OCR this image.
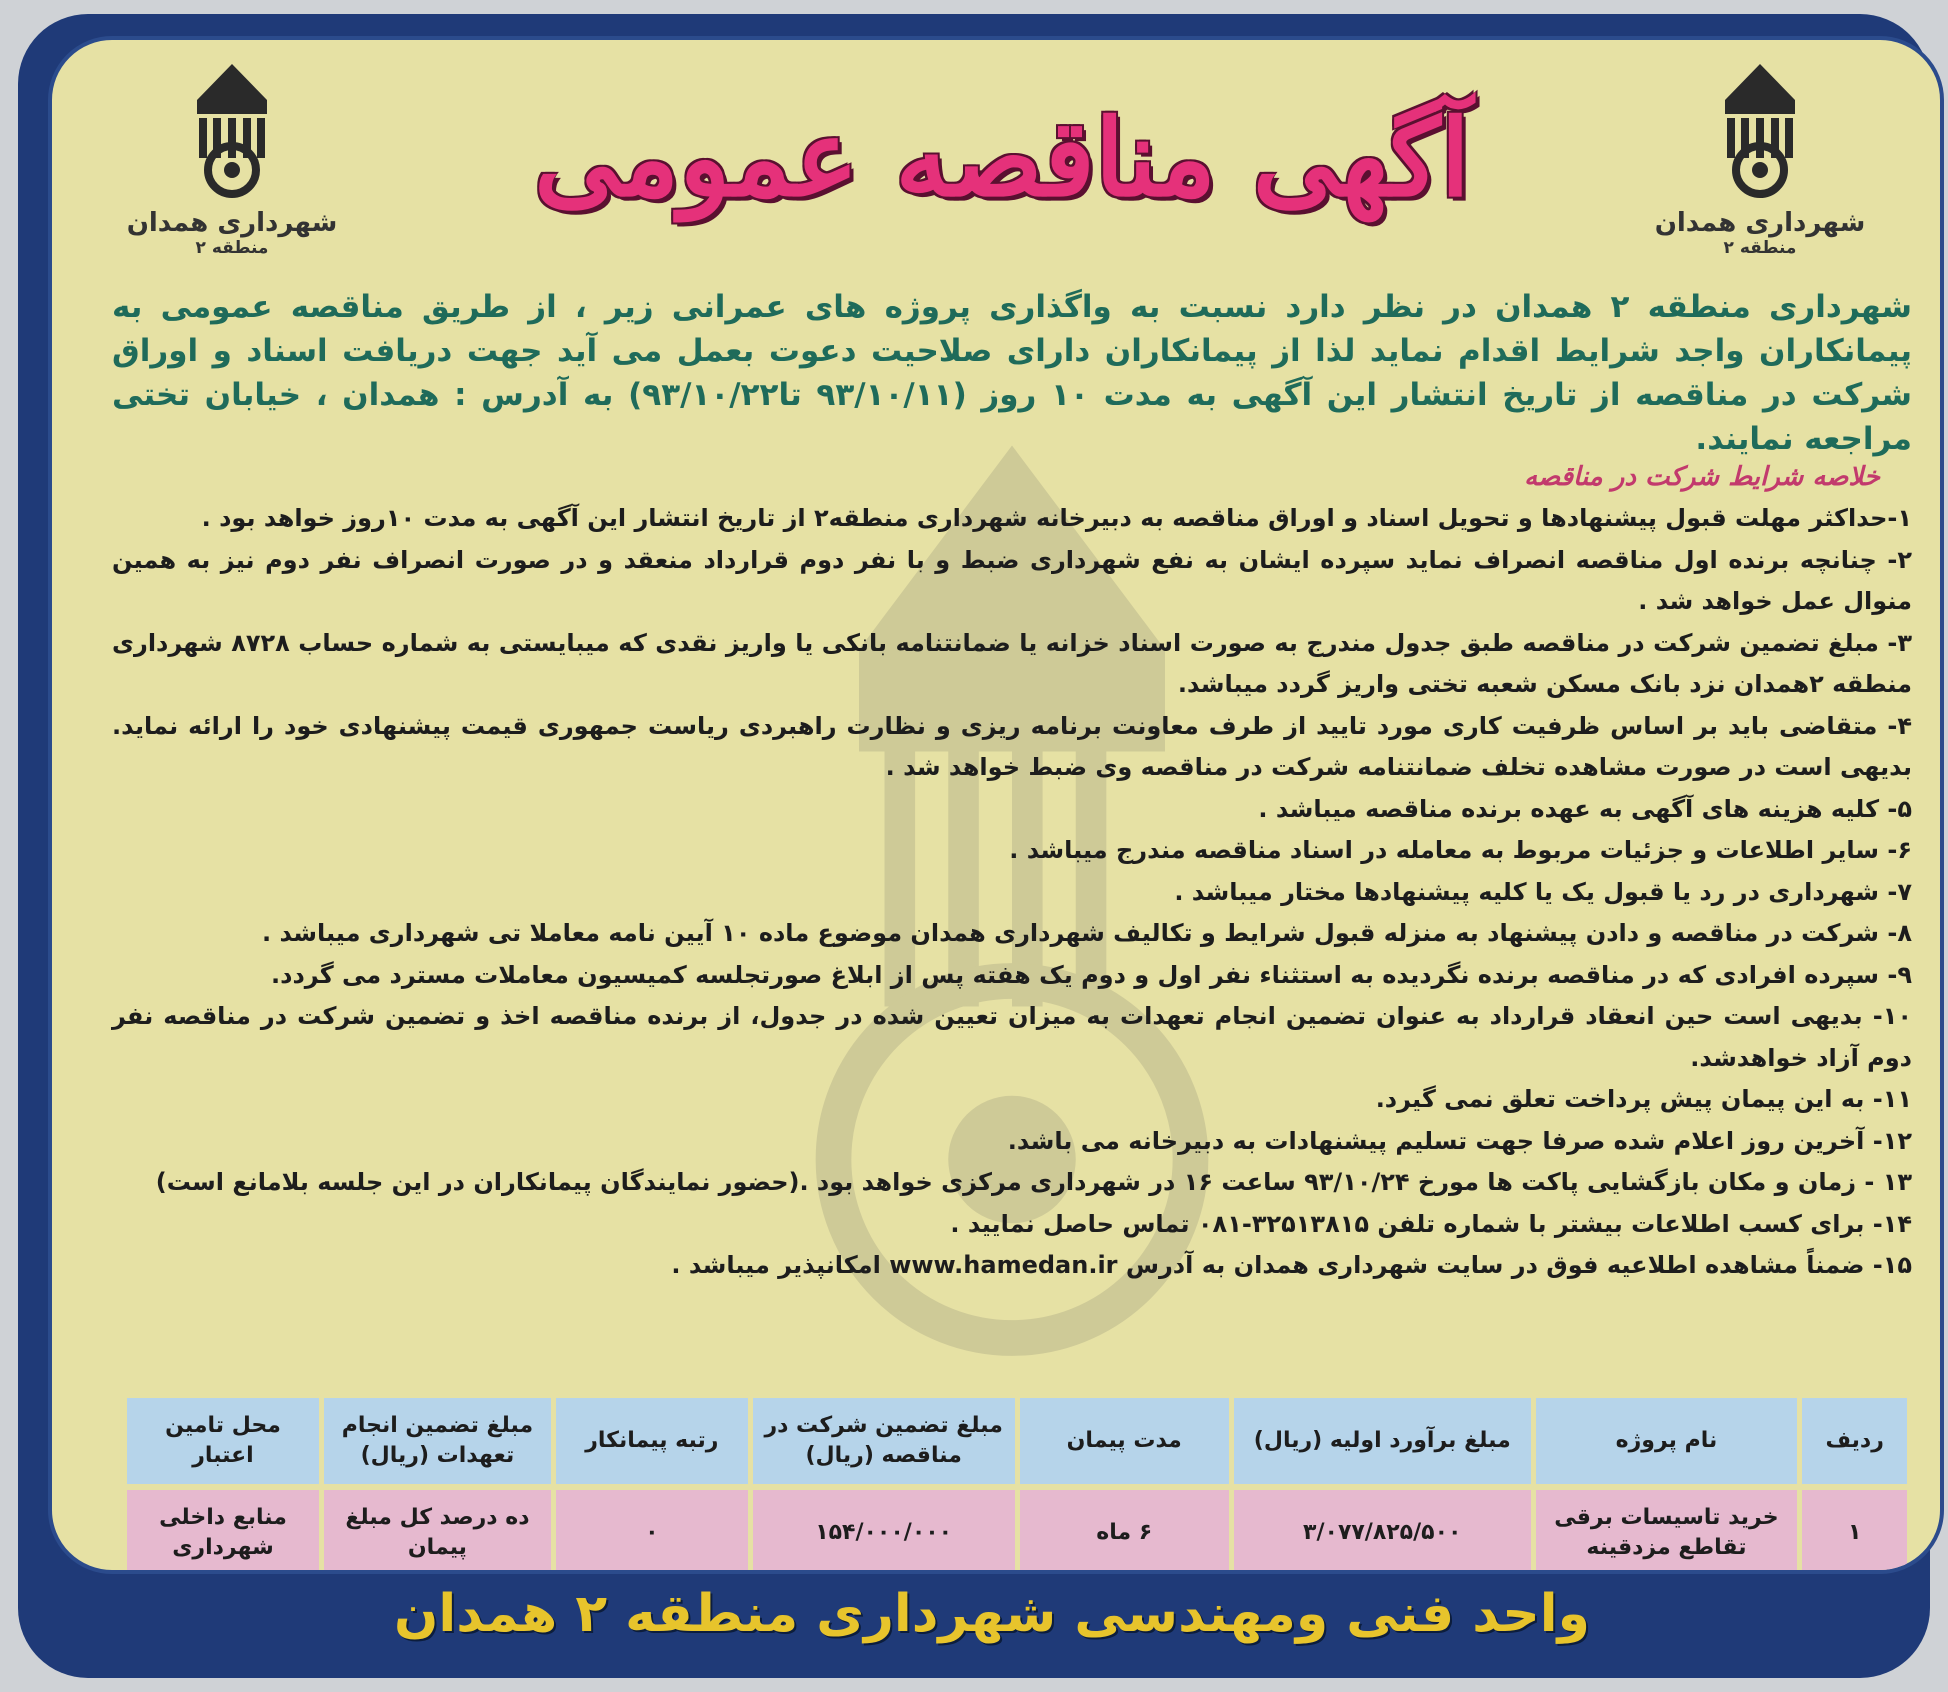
شهرداری همدان
منطقه ۲
شهرداری همدان
منطقه ۲
آگهی مناقصه عمومی
شهرداری منطقه ۲ همدان در نظر دارد نسبت به واگذاری پروژه های عمرانی زیر ، از طریق مناقصه عمومی به پیمانکاران واجد شرایط اقدام نماید لذا از پیمانکاران دارای صلاحیت دعوت بعمل می آید جهت دریافت اسناد و اوراق شرکت در مناقصه از تاریخ انتشار این آگهی به مدت ۱۰ روز (۹۳/۱۰/۱۱ تا۹۳/۱۰/۲۲) به آدرس : همدان ، خیابان تختی مراجعه نمایند.
خلاصه شرایط شرکت در مناقصه

۱-حداکثر مهلت قبول پیشنهادها و تحویل اسناد و اوراق مناقصه به دبیرخانه شهرداری منطقه۲ از تاریخ انتشار این آگهی به مدت ۱۰روز خواهد بود .

۲- چنانچه برنده اول مناقصه انصراف نماید سپرده ایشان به نفع شهرداری ضبط و با نفر دوم قرارداد منعقد و در صورت انصراف نفر دوم نیز به همین منوال عمل خواهد شد .

۳- مبلغ تضمین شرکت در مناقصه طبق جدول مندرج به صورت اسناد خزانه یا ضمانتنامه بانکی یا واریز نقدی که میبایستی به شماره حساب ۸۷۲۸ شهرداری منطقه ۲همدان نزد بانک مسکن شعبه تختی واریز گردد میباشد.

۴- متقاضی باید بر اساس ظرفیت کاری مورد تایید از طرف معاونت برنامه ریزی و نظارت راهبردی ریاست جمهوری قیمت پیشنهادی خود را ارائه نماید. بدیهی است در صورت مشاهده تخلف ضمانتنامه شرکت در مناقصه وی ضبط خواهد شد .

۵- کلیه هزینه های آگهی به عهده برنده مناقصه میباشد .

۶- سایر اطلاعات و جزئیات مربوط به معامله در اسناد مناقصه مندرج میباشد .

۷- شهرداری در رد یا قبول یک یا کلیه پیشنهادها مختار میباشد .

۸- شرکت در مناقصه و دادن پیشنهاد به منزله قبول شرایط و تکالیف شهرداری همدان موضوع ماده ۱۰ آیین نامه معاملا تی شهرداری میباشد .

۹- سپرده افرادی که در مناقصه برنده نگردیده به استثناء نفر اول و دوم یک هفته پس از ابلاغ صورتجلسه کمیسیون معاملات مسترد می گردد.

۱۰- بدیهی است حین انعقاد قرارداد به عنوان تضمین انجام تعهدات به میزان تعیین شده در جدول، از برنده مناقصه اخذ و تضمین شرکت در مناقصه نفر دوم آزاد خواهدشد.

۱۱- به این پیمان پیش پرداخت تعلق نمی گیرد.

۱۲- آخرین روز اعلام شده صرفا جهت تسلیم پیشنهادات به دبیرخانه می باشد.

۱۳ - زمان و مکان بازگشایی پاکت ها مورخ ۹۳/۱۰/۲۴ ساعت ۱۶ در شهرداری مرکزی خواهد بود .(حضور نمایندگان پیمانکاران در این جلسه بلامانع است)

۱۴- برای کسب اطلاعات بیشتر با شماره تلفن ۳۲۵۱۳۸۱۵-۰۸۱ تماس حاصل نمایید .

۱۵- ضمناً مشاهده اطلاعیه فوق در سایت شهرداری همدان به آدرس www.hamedan.ir امکانپذیر میباشد .

ردیف	نام پروژه	مبلغ برآورد اولیه (ریال)	مدت پیمان	مبلغ تضمین شرکت در مناقصه (ریال)	رتبه پیمانکار	مبلغ تضمین انجام تعهدات (ریال)	محل تامین اعتبار
۱	خرید تاسیسات برقی تقاطع مزدقینه	۳/۰۷۷/۸۲۵/۵۰۰	۶ ماه	۱۵۴/۰۰۰/۰۰۰	۰	ده درصد کل مبلغ پیمان	منابع داخلی شهرداری
واحد فنی ومهندسی شهرداری منطقه ۲ همدان
